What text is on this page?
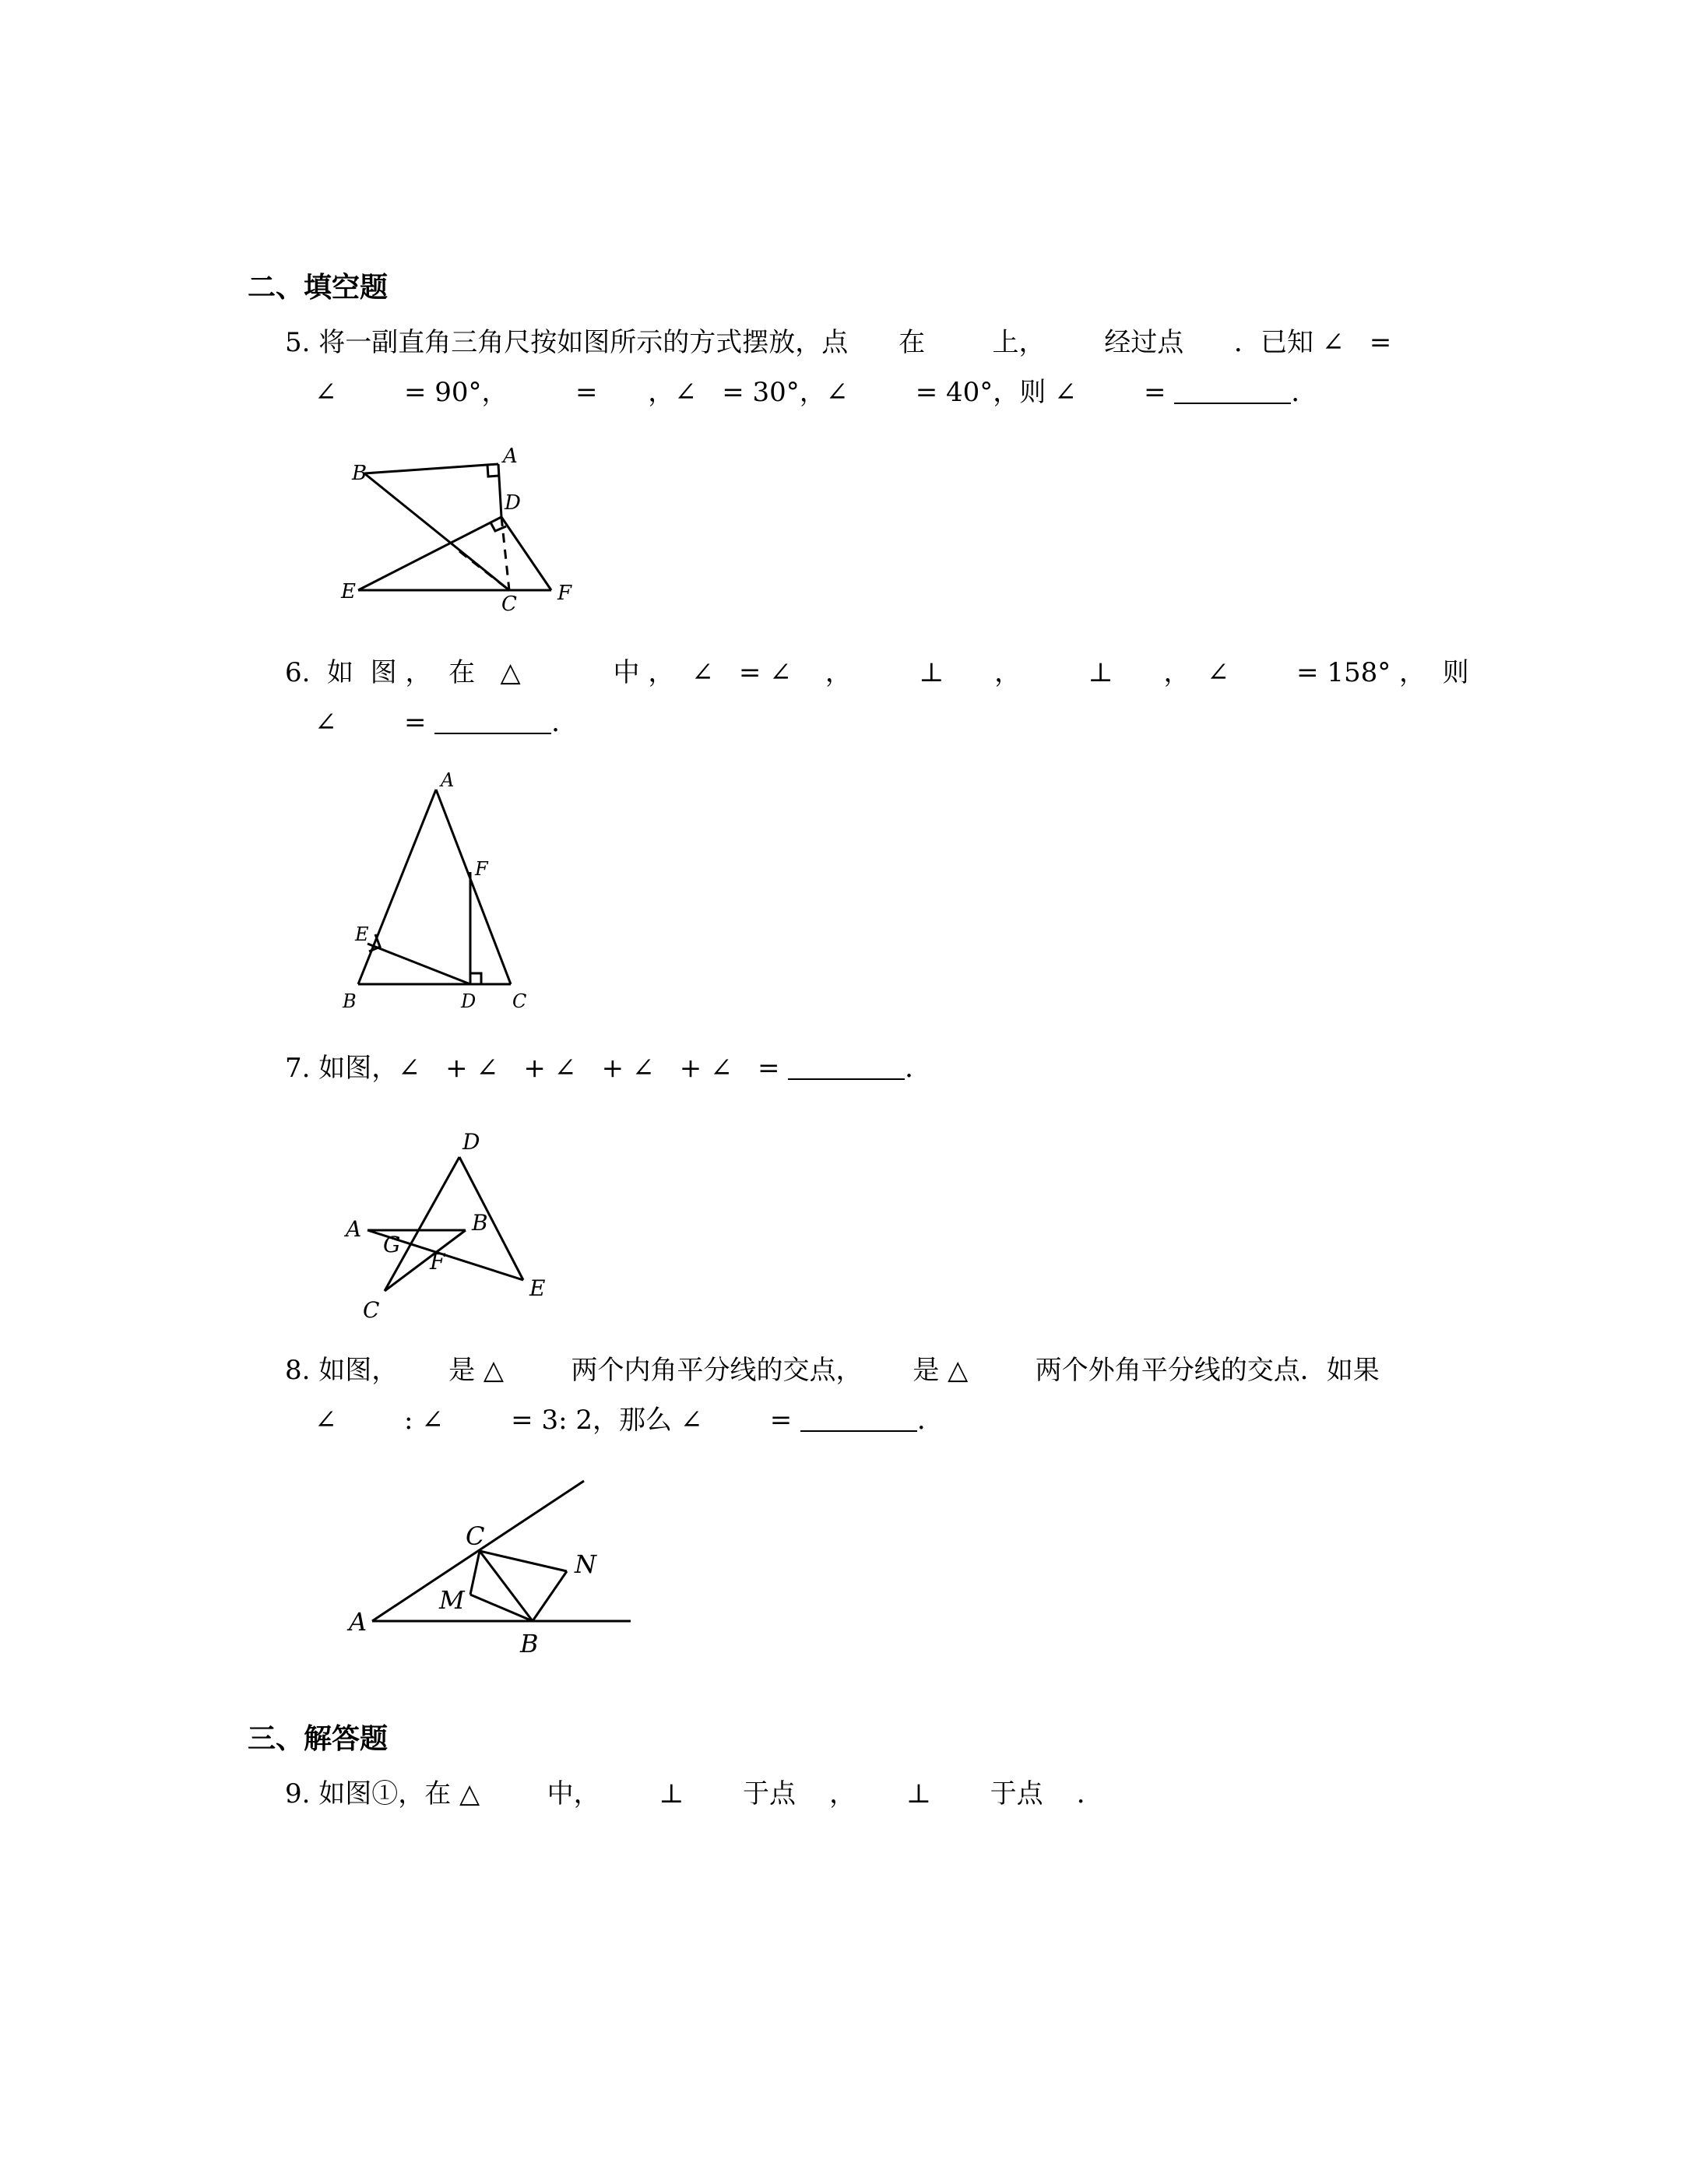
二、填空题
5. 将一副直角三角尺按如图所示的方式摆放，点      在        上，       经过点      ．已知 ∠   =
∠        = 90°，        =      ，∠   = 30°，∠        = 40°，则 ∠        =	．
B
A
D
E
C F
6.  如  图 ，  在   △           中 ，  ∠   = ∠    ，        ⊥      ，        ⊥      ，  ∠        = 158° ，  则
∠        =	．
A
F
E
B	D C
7. 如图，∠   + ∠   + ∠   + ∠   + ∠   =	．
D
A	B
G
F
E
C
8. 如图，      是 △        两个内角平分线的交点，      是 △        两个外角平分线的交点．如果
∠        : ∠        = 3: 2，那么 ∠        =	．
C
N
M
A
B
三、解答题
9. 如图①，在 △        中，       ⊥       于点    ，      ⊥       于点    ．
